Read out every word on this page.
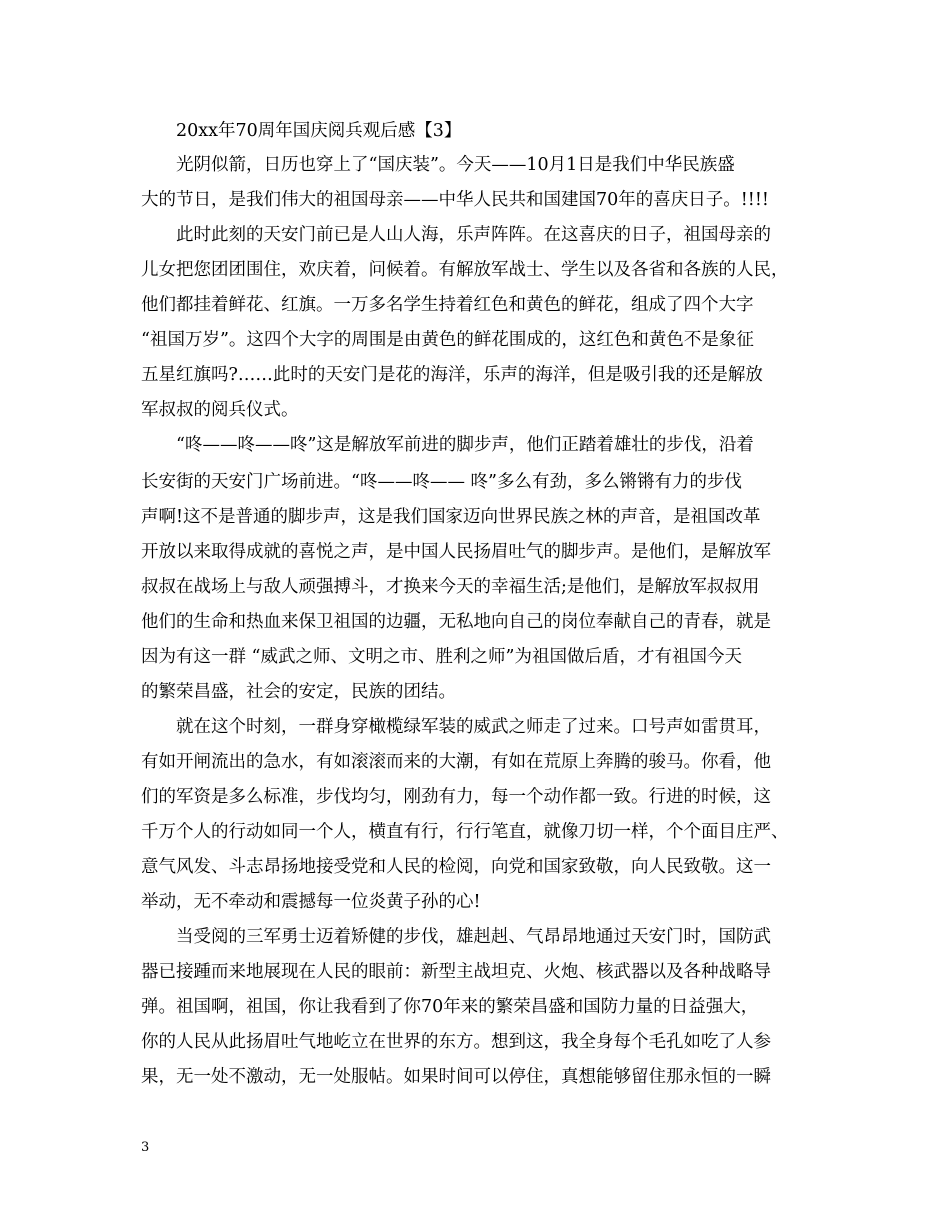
20xx年70周年国庆阅兵观后感【3】
光阴似箭，日历也穿上了“国庆装”。今天——10月1日是我们中华民族盛
大的节日，是我们伟大的祖国母亲——中华人民共和国建国70年的喜庆日子。!!!!
此时此刻的天安门前已是人山人海，乐声阵阵。在这喜庆的日子，祖国母亲的
儿女把您团团围住，欢庆着，问候着。有解放军战士、学生以及各省和各族的人民，
他们都挂着鲜花、红旗。一万多名学生持着红色和黄色的鲜花，组成了四个大字
“祖国万岁”。这四个大字的周围是由黄色的鲜花围成的，这红色和黄色不是象征
五星红旗吗?……此时的天安门是花的海洋，乐声的海洋，但是吸引我的还是解放
军叔叔的阅兵仪式。
“咚——咚——咚”这是解放军前进的脚步声，他们正踏着雄壮的步伐，沿着
长安街的天安门广场前进。“咚——咚—— 咚”多么有劲，多么锵锵有力的步伐
声啊!这不是普通的脚步声，这是我们国家迈向世界民族之林的声音，是祖国改革
开放以来取得成就的喜悦之声，是中国人民扬眉吐气的脚步声。是他们，是解放军
叔叔在战场上与敌人顽强搏斗，才换来今天的幸福生活;是他们，是解放军叔叔用
他们的生命和热血来保卫祖国的边疆，无私地向自己的岗位奉献自己的青春，就是
因为有这一群 “威武之师、文明之市、胜利之师”为祖国做后盾，才有祖国今天
的繁荣昌盛，社会的安定，民族的团结。
就在这个时刻，一群身穿橄榄绿军装的威武之师走了过来。口号声如雷贯耳，
有如开闸流出的急水，有如滚滚而来的大潮，有如在荒原上奔腾的骏马。你看，他
们的军资是多么标准，步伐均匀，刚劲有力，每一个动作都一致。行进的时候，这
千万个人的行动如同一个人，横直有行，行行笔直，就像刀切一样，个个面目庄严、
意气风发、斗志昂扬地接受党和人民的检阅，向党和国家致敬，向人民致敬。这一
举动，无不牵动和震撼每一位炎黄子孙的心!
当受阅的三军勇士迈着矫健的步伐，雄赳赳、气昂昂地通过天安门时，国防武
器已接踵而来地展现在人民的眼前：新型主战坦克、火炮、核武器以及各种战略导
弹。祖国啊，祖国，你让我看到了你70年来的繁荣昌盛和国防力量的日益强大，
你的人民从此扬眉吐气地屹立在世界的东方。想到这，我全身每个毛孔如吃了人参
果，无一处不激动，无一处服帖。如果时间可以停住，真想能够留住那永恒的一瞬
3
